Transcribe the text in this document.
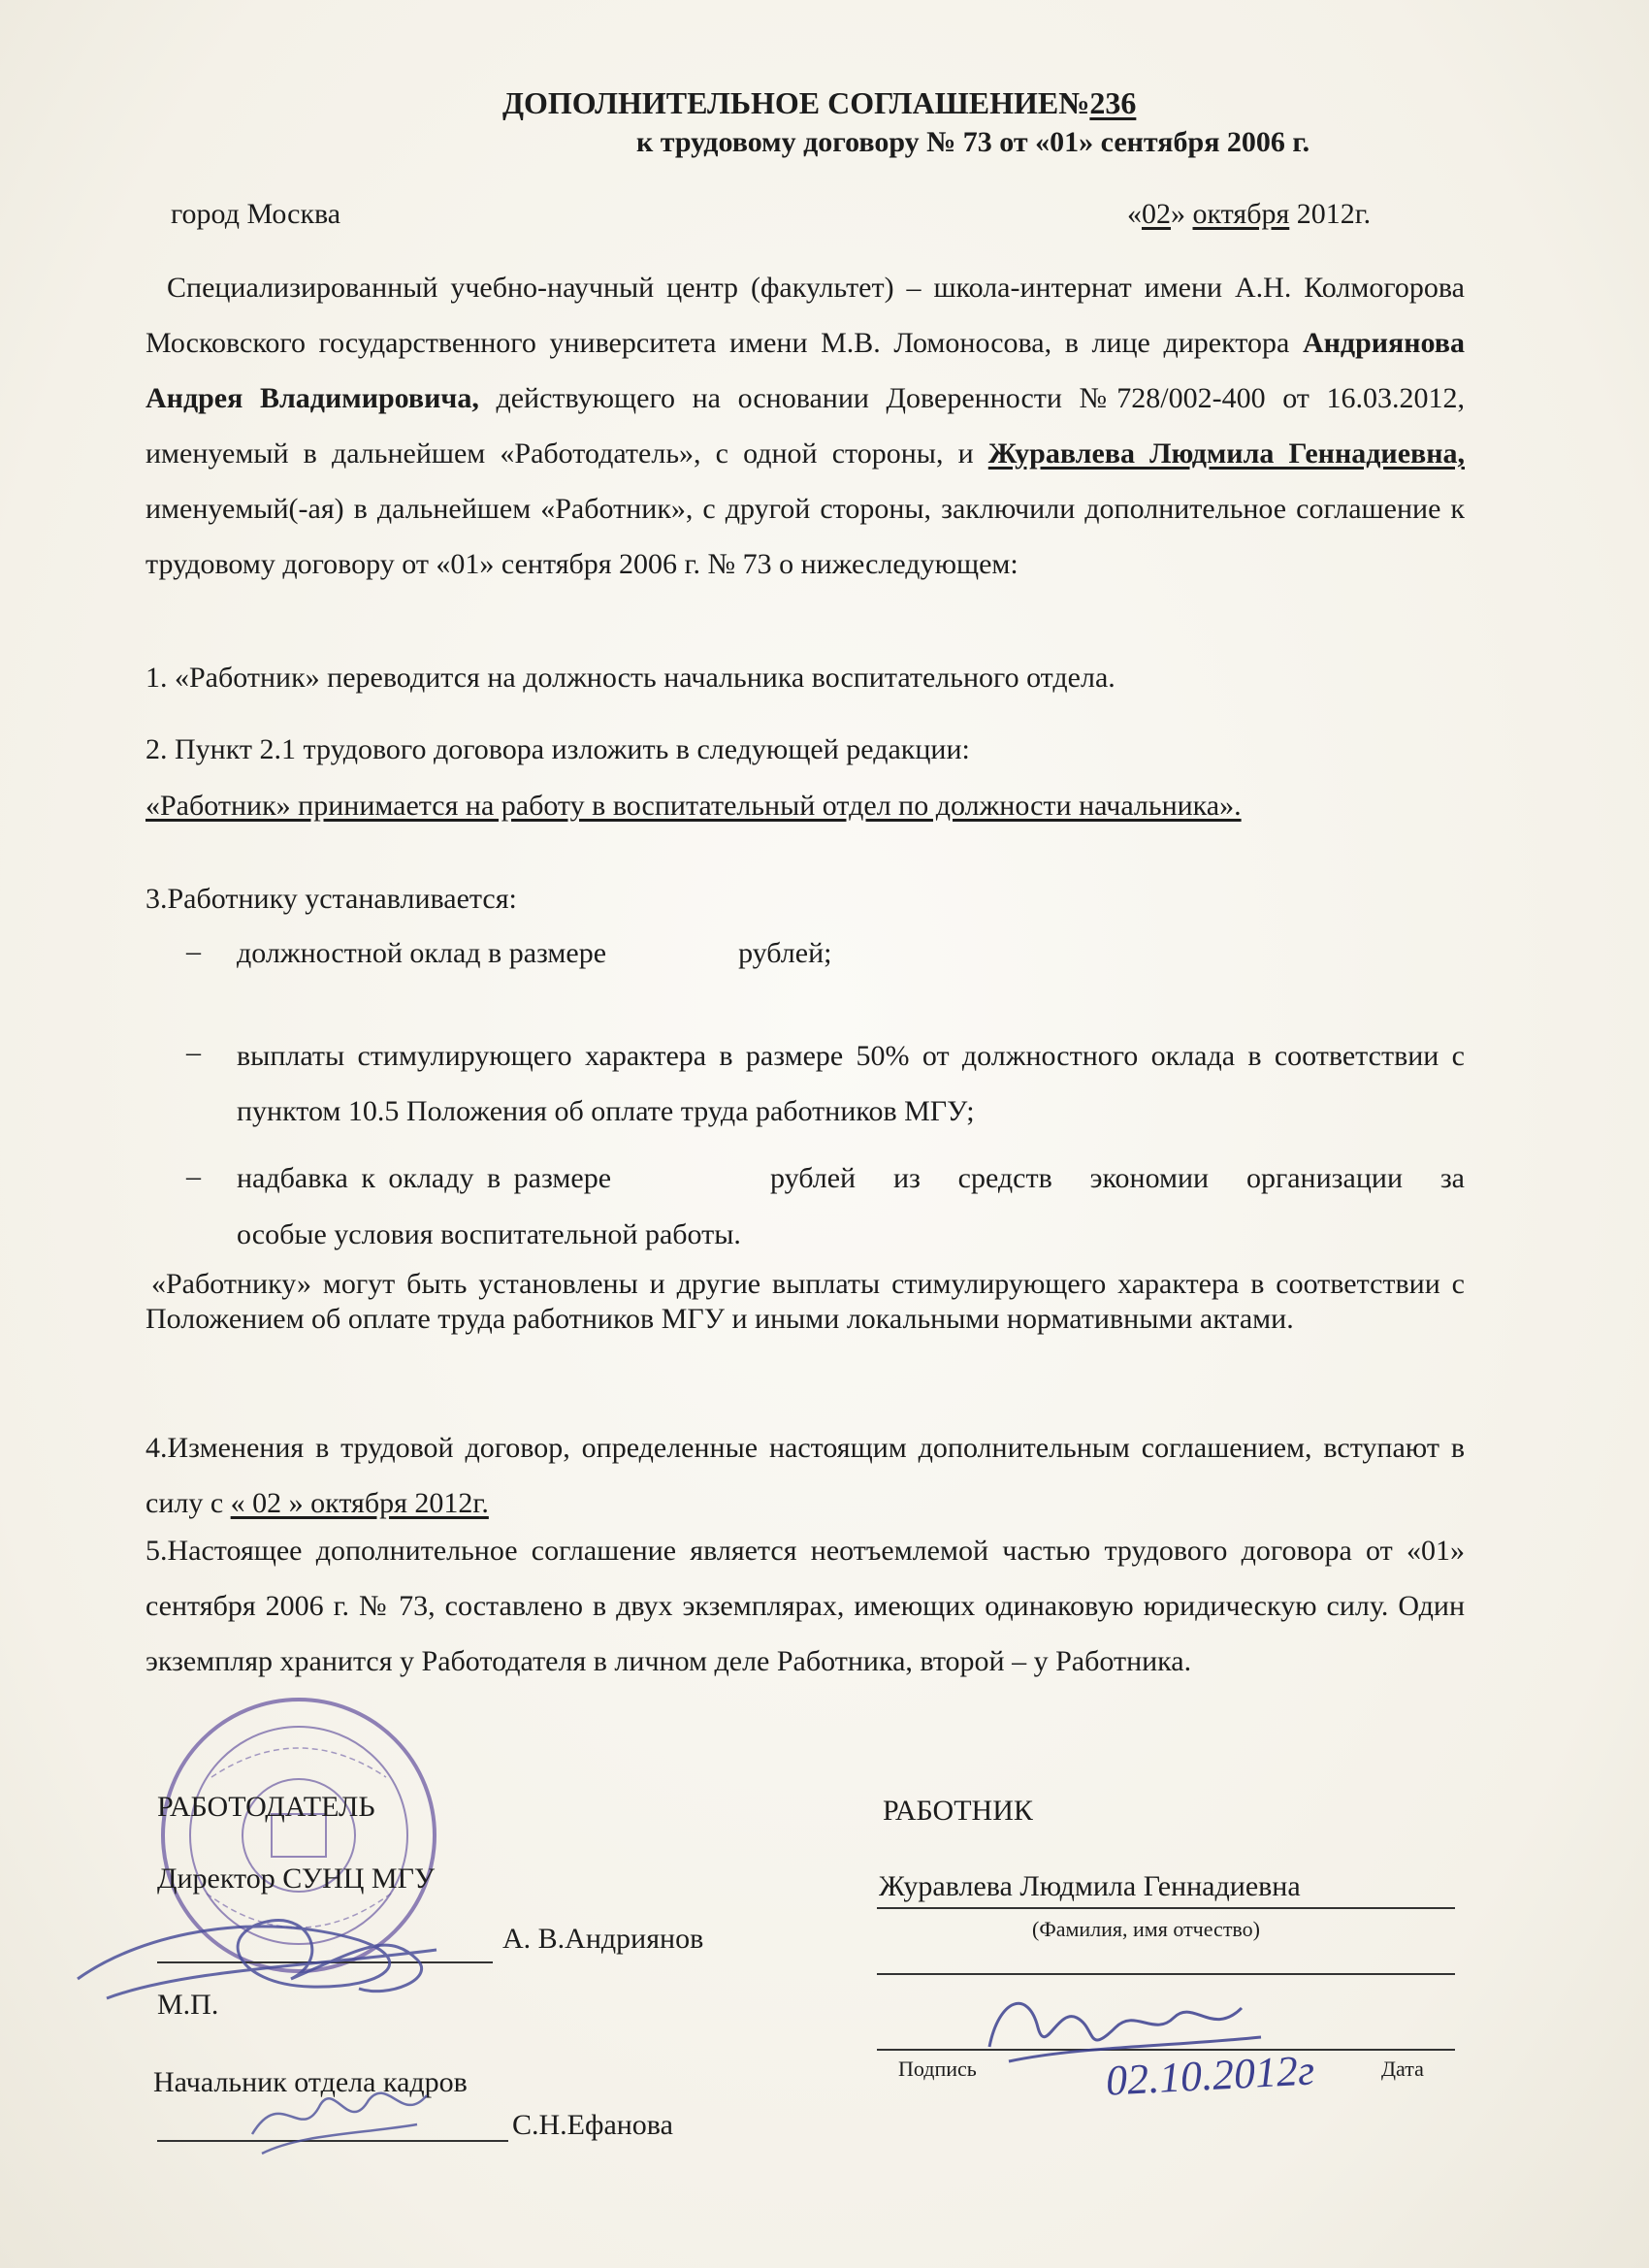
ДОПОЛНИТЕЛЬНОЕ СОГЛАШЕНИЕ№236
к трудовому договору № 73 от «01» сентября 2006 г.
город Москва	«02» октября 2012г.

Специализированный учебно-научный центр (факультет) – школа-интернат имени А.Н. Колмогорова Московского государственного университета имени М.В. Ломоносова, в лице директора Андриянова Андрея Владимировича, действующего на основании Доверенности №728/002-400 от 16.03.2012, именуемый в дальнейшем «Работодатель», с одной стороны, и Журавлева Людмила Геннадиевна, именуемый(-ая) в дальнейшем «Работник», с другой стороны, заключили дополнительное соглашение к трудовому договору от «01» сентября 2006 г. № 73 о нижеследующем:

1. «Работник» переводится на должность начальника воспитательного отдела.
2. Пункт 2.1 трудового договора изложить в следующей редакции:
«Работник» принимается на работу в воспитательный отдел по должности начальника».
3.Работнику устанавливается:
– должностной оклад в размере	рублей;
– выплаты стимулирующего характера в размере 50% от должностного оклада в соответствии с пунктом 10.5 Положения об оплате труда работников МГУ;
– надбавка к окладу в размере	рублей из средств экономии организации за
особые условия воспитательной работы.
«Работнику» могут быть установлены и другие выплаты стимулирующего характера в соответствии с Положением об оплате труда работников МГУ и иными локальными нормативными актами.

4.Изменения в трудовой договор, определенные настоящим дополнительным соглашением, вступают в силу с « 02 » октября 2012г.

5.Настоящее дополнительное соглашение является неотъемлемой частью трудового договора от «01» сентября 2006 г. № 73, составлено в двух экземплярах, имеющих одинаковую юридическую силу. Один экземпляр хранится у Работодателя в личном деле Работника, второй – у Работника.
РАБОТОДАТЕЛЬ
Директор СУНЦ МГУ
А. В.Андриянов
М.П.
Начальник отдела кадров
С.Н.Ефанова
РАБОТНИК
Журавлева Людмила Геннадиевна
(Фамилия, имя отчество)
Подпись	02.10.2012г	Дата
